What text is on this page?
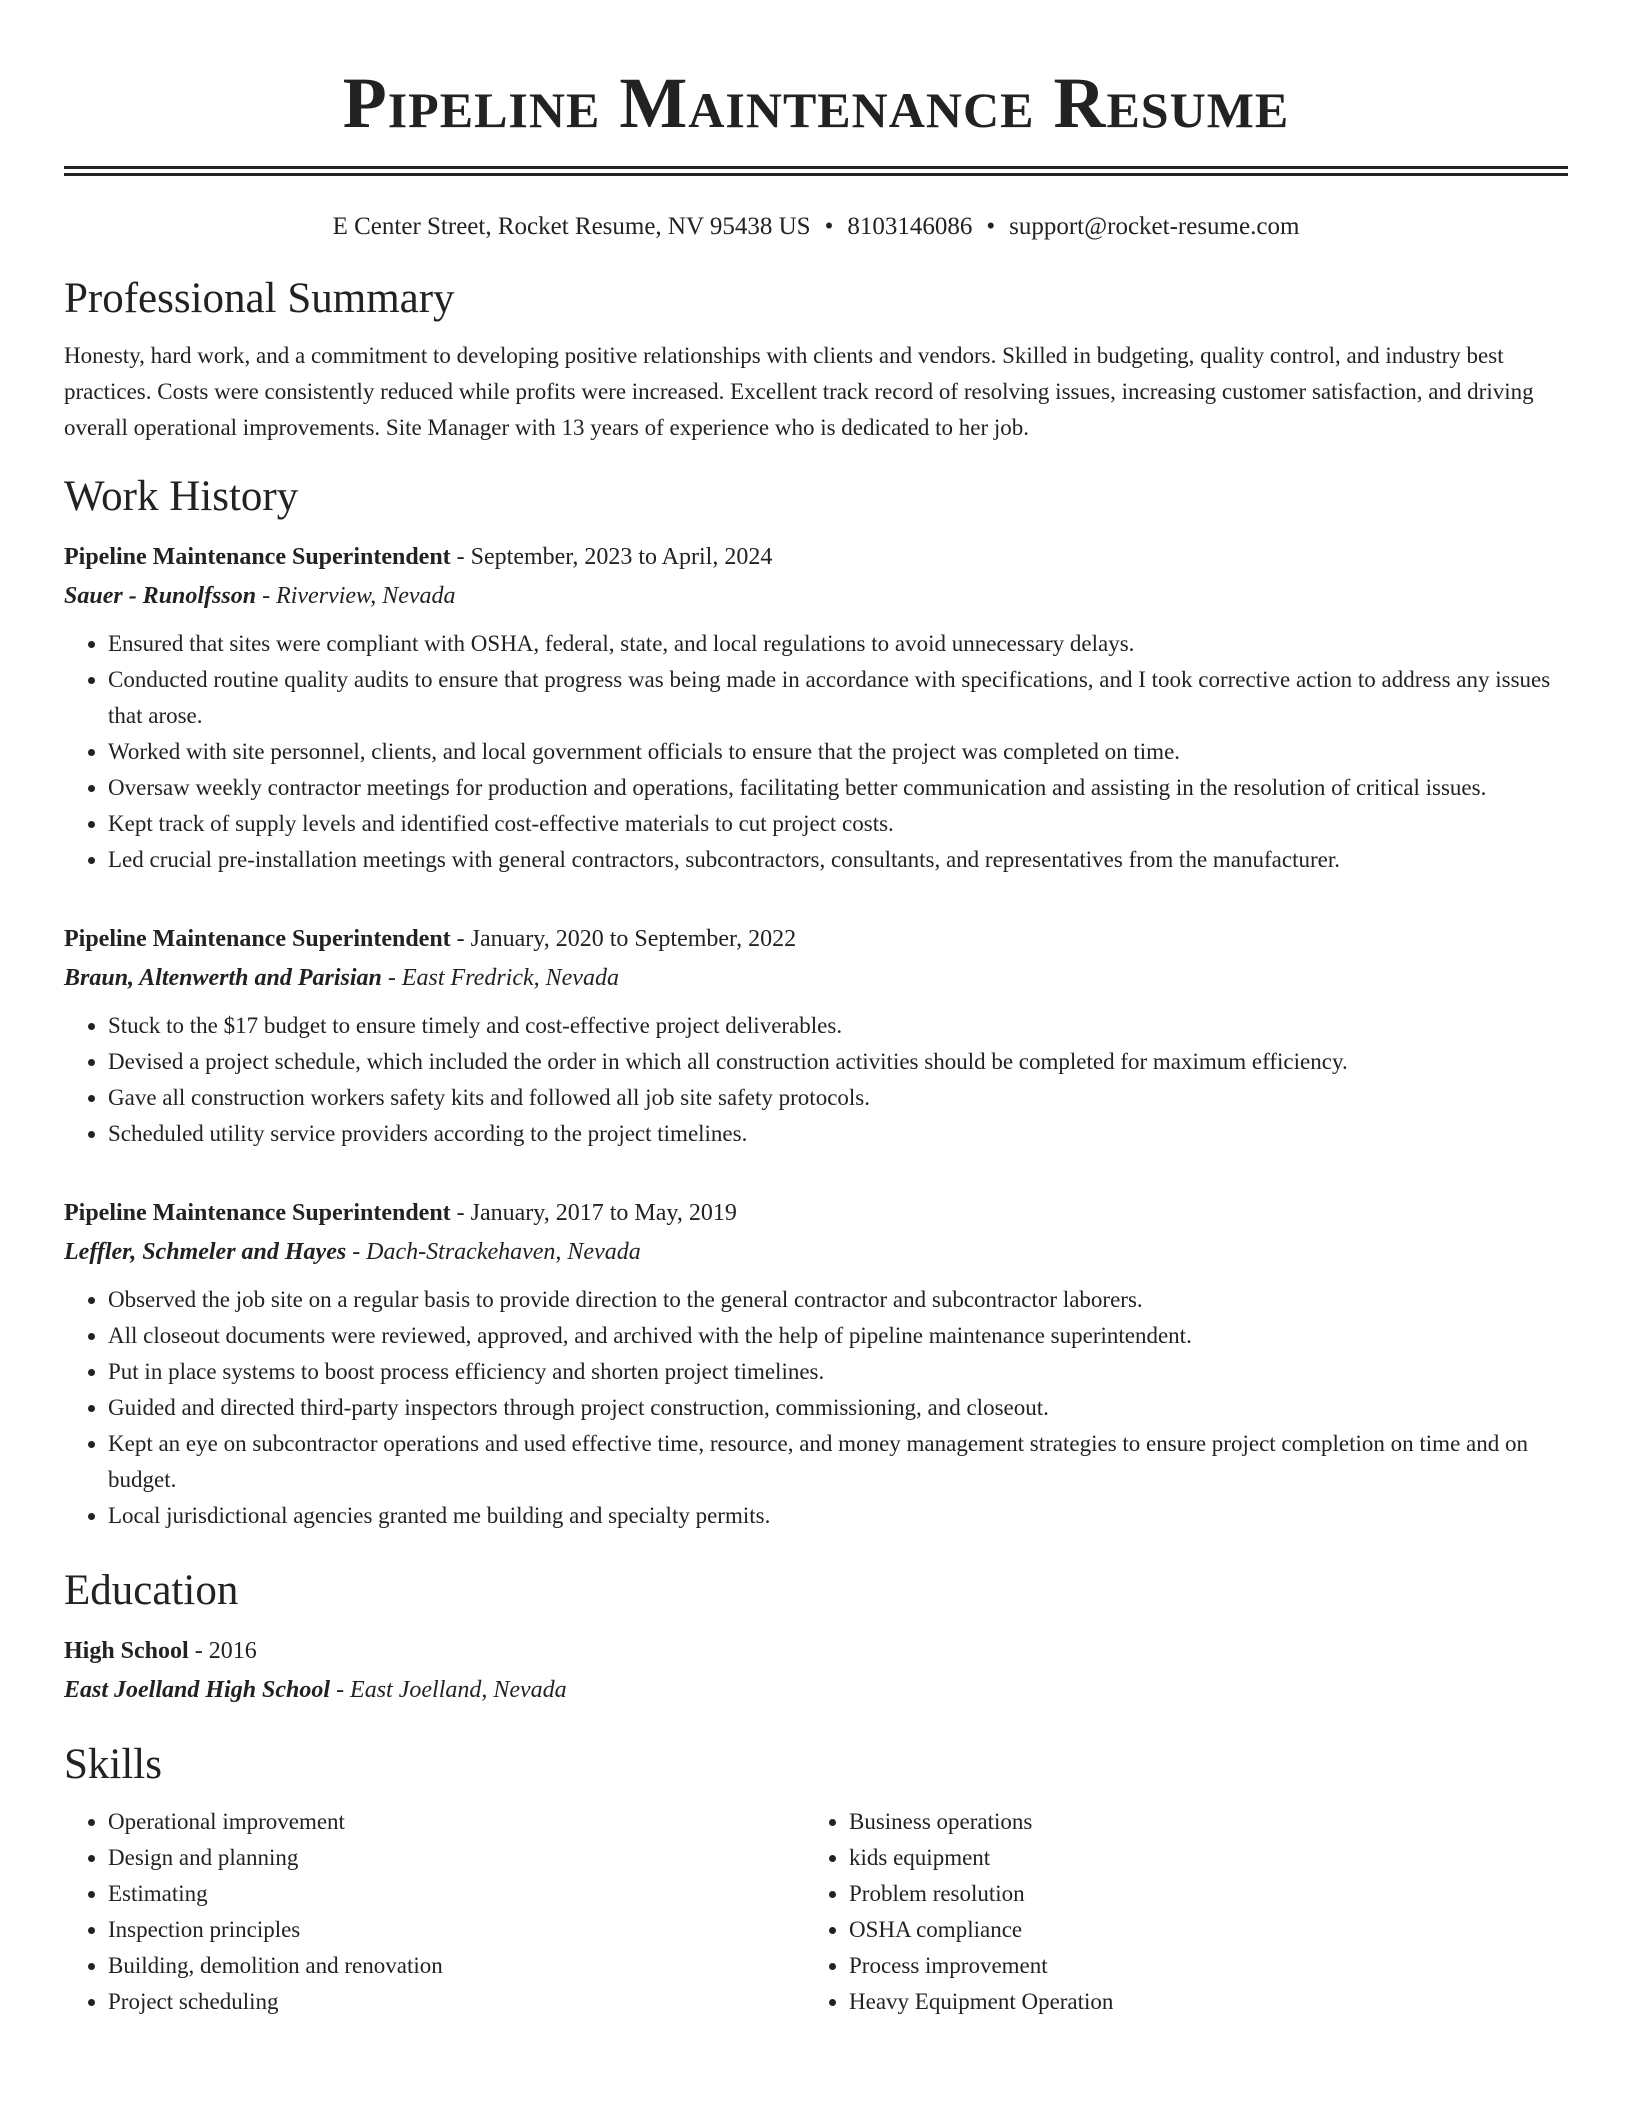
Pipeline Maintenance Resume
E Center Street, Rocket Resume, NV 95438 US • 8103146086 • support@rocket-resume.com
Professional Summary
Honesty, hard work, and a commitment to developing positive relationships with clients and vendors. Skilled in budgeting, quality control, and industry best practices. Costs were consistently reduced while profits were increased. Excellent track record of resolving issues, increasing customer satisfaction, and driving overall operational improvements. Site Manager with 13 years of experience who is dedicated to her job.
Work History
Pipeline Maintenance Superintendent - September, 2023 to April, 2024
Sauer - Runolfsson - Riverview, Nevada
• Ensured that sites were compliant with OSHA, federal, state, and local regulations to avoid unnecessary delays.
• Conducted routine quality audits to ensure that progress was being made in accordance with specifications, and I took corrective action to address any issues that arose.
• Worked with site personnel, clients, and local government officials to ensure that the project was completed on time.
• Oversaw weekly contractor meetings for production and operations, facilitating better communication and assisting in the resolution of critical issues.
• Kept track of supply levels and identified cost-effective materials to cut project costs.
• Led crucial pre-installation meetings with general contractors, subcontractors, consultants, and representatives from the manufacturer.
Pipeline Maintenance Superintendent - January, 2020 to September, 2022
Braun, Altenwerth and Parisian - East Fredrick, Nevada
• Stuck to the $17 budget to ensure timely and cost-effective project deliverables.
• Devised a project schedule, which included the order in which all construction activities should be completed for maximum efficiency.
• Gave all construction workers safety kits and followed all job site safety protocols.
• Scheduled utility service providers according to the project timelines.
Pipeline Maintenance Superintendent - January, 2017 to May, 2019
Leffler, Schmeler and Hayes - Dach-Strackehaven, Nevada
• Observed the job site on a regular basis to provide direction to the general contractor and subcontractor laborers.
• All closeout documents were reviewed, approved, and archived with the help of pipeline maintenance superintendent.
• Put in place systems to boost process efficiency and shorten project timelines.
• Guided and directed third-party inspectors through project construction, commissioning, and closeout.
• Kept an eye on subcontractor operations and used effective time, resource, and money management strategies to ensure project completion on time and on budget.
• Local jurisdictional agencies granted me building and specialty permits.
Education
High School - 2016
East Joelland High School - East Joelland, Nevada
Skills
• Operational improvement
• Design and planning
• Estimating
• Inspection principles
• Building, demolition and renovation
• Project scheduling
• Business operations
• kids equipment
• Problem resolution
• OSHA compliance
• Process improvement
• Heavy Equipment Operation
